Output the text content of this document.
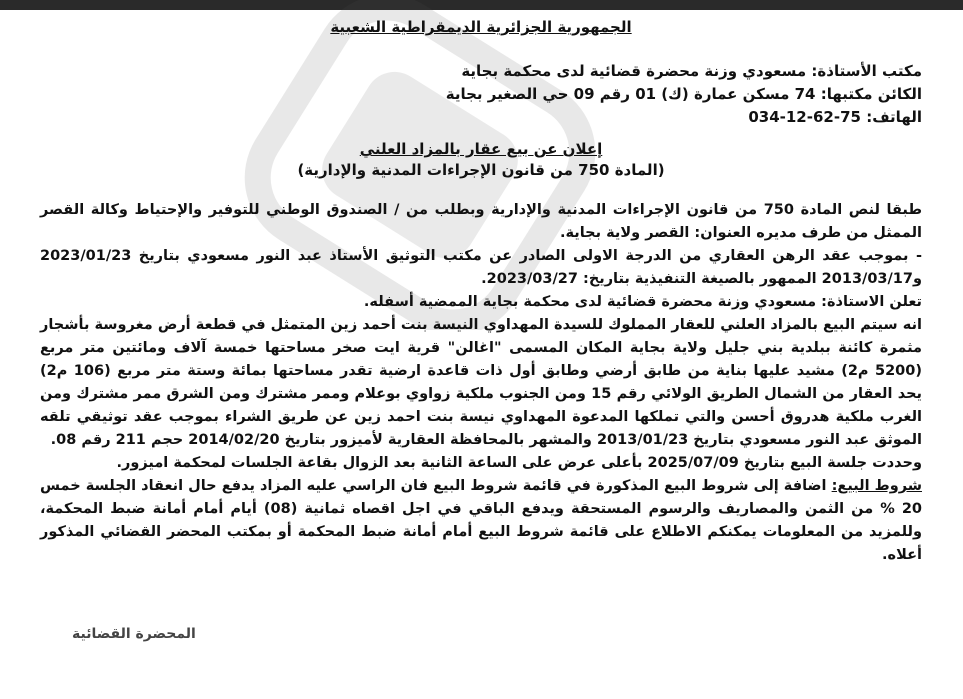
الجمهورية الجزائرية الديمقراطية الشعبية
مكتب الأستاذة: مسعودي وزنة محضرة قضائية لدى محكمة بجاية
الكائن مكتبها: 74 مسكن عمارة (ك) 01 رقم 09 حي الصغير بجاية
الهاتف: 75-62-12-034
إعلان عن بيع عقار بالمزاد العلني
(المادة 750 من قانون الإجراءات المدنية والإدارية)

طبقا لنص المادة 750 من قانون الإجراءات المدنية والإدارية وبطلب من / الصندوق الوطني للتوفير والإحتياط وكالة القصر الممثل من طرف مديره العنوان: القصر ولاية بجاية.

- بموجب عقد الرهن العقاري من الدرجة الاولى الصادر عن مكتب التوثيق الأستاذ عبد النور مسعودي بتاريخ 2023/01/23 و2013/03/17 الممهور بالصيغة التنفيذية بتاريخ: 2023/03/27.

تعلن الاستاذة: مسعودي وزنة محضرة قضائية لدى محكمة بجاية الممضية أسفله.

انه سيتم البيع بالمزاد العلني للعقار المملوك للسيدة المهداوي النيسة بنت أحمد زين المتمثل في قطعة أرض مغروسة بأشجار مثمرة كائنة ببلدية بني جليل ولاية بجاية المكان المسمى "اغالن" قرية ايت صخر مساحتها خمسة آلاف ومائتين متر مربع (5200 م2) مشيد عليها بناية من طابق أرضي وطابق أول ذات قاعدة ارضية تقدر مساحتها بمائة وستة متر مربع (106 م2) يحد العقار من الشمال الطريق الولائي رقم 15 ومن الجنوب ملكية زواوي بوعلام وممر مشترك ومن الشرق ممر مشترك ومن الغرب ملكية هدروق أحسن والتي تملكها المدعوة المهداوي نيسة بنت احمد زين عن طريق الشراء بموجب عقد توثيقي تلقه الموثق عبد النور مسعودي بتاريخ 2013/01/23 والمشهر بالمحافظة العقارية لأميزور بتاريخ 2014/02/20 حجم 211 رقم 08.

وحددت جلسة البيع بتاريخ 2025/07/09 بأعلى عرض على الساعة الثانية بعد الزوال بقاعة الجلسات لمحكمة اميزور.

شروط البيع: اضافة إلى شروط البيع المذكورة في قائمة شروط البيع فان الراسي عليه المزاد يدفع حال انعقاد الجلسة خمس 20 % من الثمن والمصاريف والرسوم المستحقة ويدفع الباقي في اجل اقصاه ثمانية (08) أيام أمام أمانة ضبط المحكمة، وللمزيد من المعلومات يمكنكم الاطلاع على قائمة شروط البيع أمام أمانة ضبط المحكمة أو بمكتب المحضر القضائي المذكور أعلاه.

المحضرة القضائية
